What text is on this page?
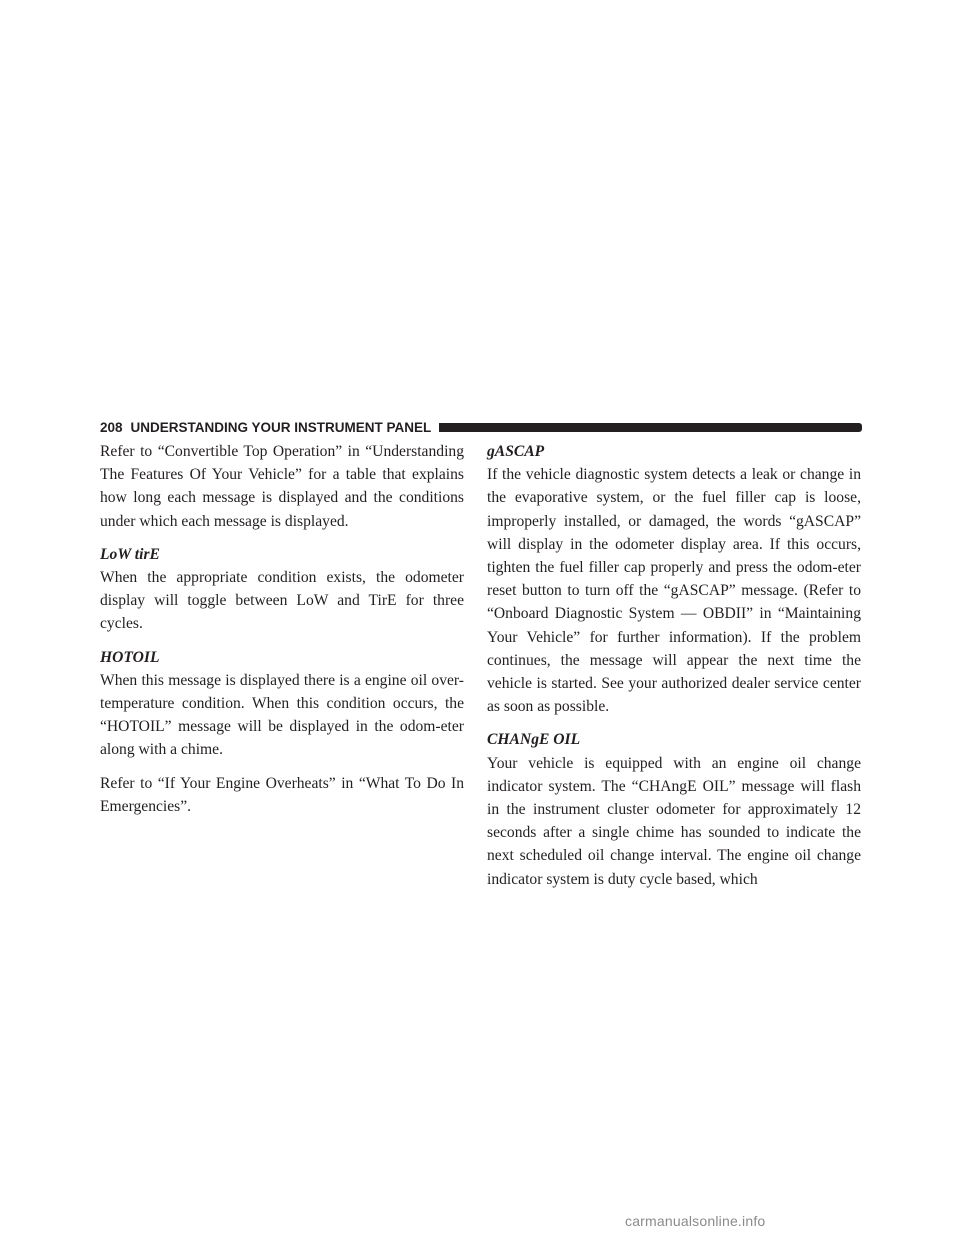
208 UNDERSTANDING YOUR INSTRUMENT PANEL

Refer to “Convertible Top Operation” in “Understanding The Features Of Your Vehicle” for a table that explains how long each message is displayed and the conditions under which each message is displayed.

LoW tirE

When the appropriate condition exists, the odometer display will toggle between LoW and TirE for three cycles.

HOTOIL

When this message is displayed there is a engine oil over-temperature condition. When this condition occurs, the “HOTOIL” message will be displayed in the odom-eter along with a chime.

Refer to “If Your Engine Overheats” in “What To Do In Emergencies”.

gASCAP

If the vehicle diagnostic system detects a leak or change in the evaporative system, or the fuel filler cap is loose, improperly installed, or damaged, the words “gASCAP” will display in the odometer display area. If this occurs, tighten the fuel filler cap properly and press the odom-eter reset button to turn off the “gASCAP” message. (Refer to “Onboard Diagnostic System — OBDII” in “Maintaining Your Vehicle” for further information). If the problem continues, the message will appear the next time the vehicle is started. See your authorized dealer service center as soon as possible.

CHANgE OIL

Your vehicle is equipped with an engine oil change indicator system. The “CHAngE OIL” message will flash in the instrument cluster odometer for approximately 12 seconds after a single chime has sounded to indicate the next scheduled oil change interval. The engine oil change indicator system is duty cycle based, which

carmanualsonline.info
